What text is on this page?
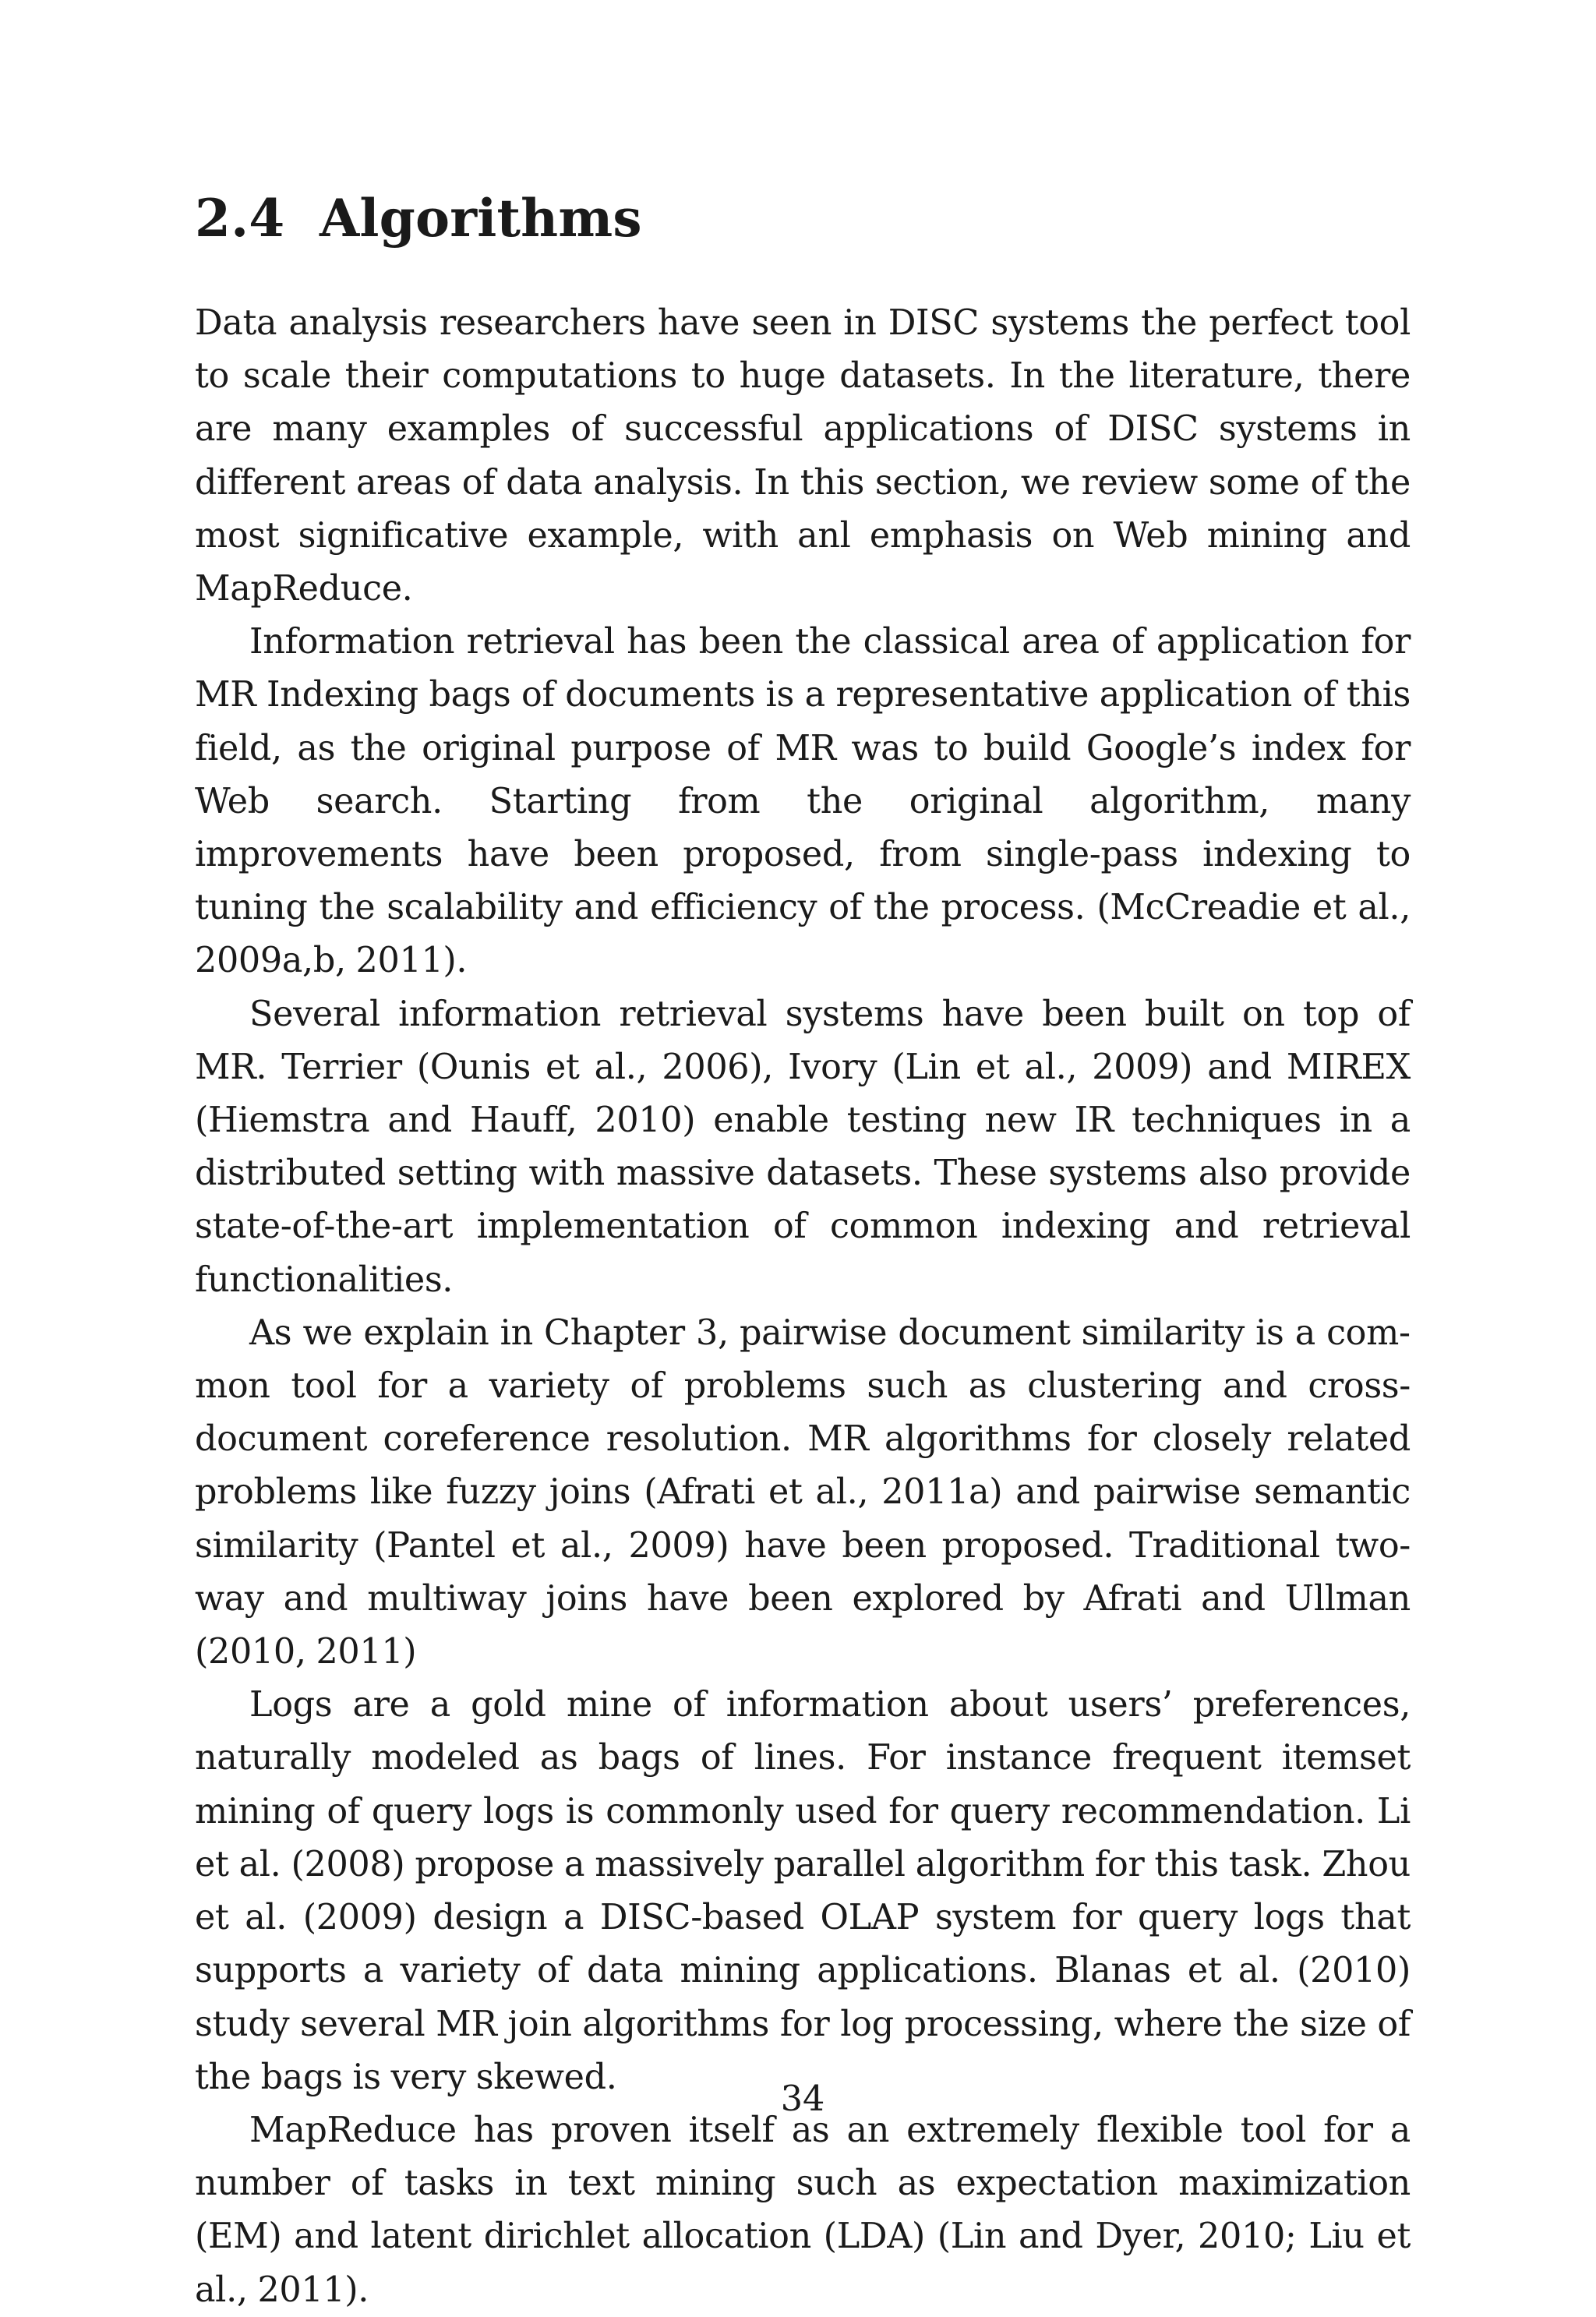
2.4 Algorithms

Data analysis researchers have seen in DISC systems the perfect tool to scale their computations to huge datasets. In the literature, there are many examples of successful applications of DISC systems in different areas of data analysis. In this section, we review some of the most significative example, with anl emphasis on Web mining and MapReduce.

Information retrieval has been the classical area of application for MR Indexing bags of documents is a representative application of this field, as the original purpose of MR was to build Google’s index for Web search. Starting from the original algorithm, many improvements have been proposed, from single-pass indexing to tuning the scalability and efficiency of the process. (McCreadie et al., 2009a,b, 2011).

Several information retrieval systems have been built on top of MR. Terrier (Ounis et al., 2006), Ivory (Lin et al., 2009) and MIREX (Hiemstra and Hauff, 2010) enable testing new IR techniques in a distributed setting with massive datasets. These systems also provide state-of-the-art implementation of common indexing and retrieval functionalities.

As we explain in Chapter 3, pairwise document similarity is a common tool for a variety of problems such as clustering and cross-document coreference resolution. MR algorithms for closely related problems like fuzzy joins (Afrati et al., 2011a) and pairwise semantic similarity (Pantel et al., 2009) have been proposed. Traditional two-way and multiway joins have been explored by Afrati and Ullman (2010, 2011)

Logs are a gold mine of information about users’ preferences, naturally modeled as bags of lines. For instance frequent itemset mining of query logs is commonly used for query recommendation. Li et al. (2008) propose a massively parallel algorithm for this task. Zhou et al. (2009) design a DISC-based OLAP system for query logs that supports a variety of data mining applications. Blanas et al. (2010) study several MR join algorithms for log processing, where the size of the bags is very skewed.

MapReduce has proven itself as an extremely flexible tool for a number of tasks in text mining such as expectation maximization (EM) and latent dirichlet allocation (LDA) (Lin and Dyer, 2010; Liu et al., 2011).

34
